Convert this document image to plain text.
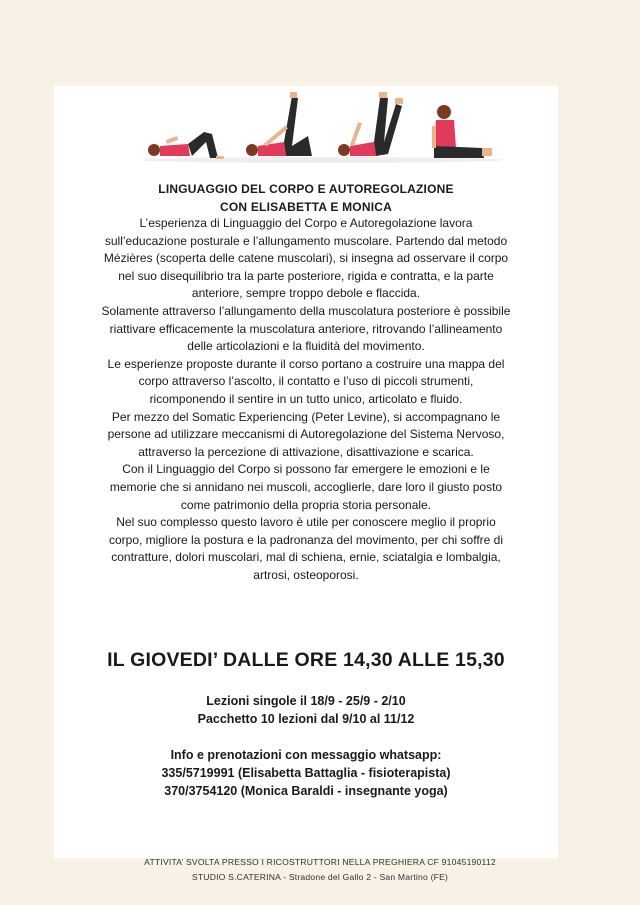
LINGUAGGIO DEL CORPO E AUTOREGOLAZIONE
CON ELISABETTA E MONICA

L’esperienza di Linguaggio del Corpo e Autoregolazione lavora

sull’educazione posturale e l’allungamento muscolare. Partendo dal metodo

Mézières (scoperta delle catene muscolari), si insegna ad osservare il corpo

nel suo disequilibrio tra la parte posteriore, rigida e contratta, e la parte

anteriore, sempre troppo debole e flaccida.

Solamente attraverso l’allungamento della muscolatura posteriore è possibile

riattivare efficacemente la muscolatura anteriore, ritrovando l’allineamento

delle articolazioni e la fluidità del movimento.

Le esperienze proposte durante il corso portano a costruire una mappa del

corpo attraverso l’ascolto, il contatto e l’uso di piccoli strumenti,

ricomponendo il sentire in un tutto unico, articolato e fluido.

Per mezzo del Somatic Experiencing (Peter Levine), si accompagnano le

persone ad utilizzare meccanismi di Autoregolazione del Sistema Nervoso,

attraverso la percezione di attivazione, disattivazione e scarica.

Con il Linguaggio del Corpo si possono far emergere le emozioni e le

memorie che si annidano nei muscoli, accoglierle, dare loro il giusto posto

come patrimonio della propria storia personale.

Nel suo complesso questo lavoro è utile per conoscere meglio il proprio

corpo, migliore la postura e la padronanza del movimento, per chi soffre di

contratture, dolori muscolari, mal di schiena, ernie, sciatalgia e lombalgia,

artrosi, osteoporosi.

IL GIOVEDI’ DALLE ORE 14,30 ALLE 15,30
Lezioni singole il 18/9 - 25/9 - 2/10
Pacchetto 10 lezioni dal 9/10 al 11/12
Info e prenotazioni con messaggio whatsapp:
335/5719991 (Elisabetta Battaglia - fisioterapista)
370/3754120 (Monica Baraldi - insegnante yoga)
ATTIVITA’ SVOLTA PRESSO I RICOSTRUTTORI NELLA PREGHIERA CF 91045190112
STUDIO S.CATERINA - Stradone del Gallo 2 - San Martino (FE)
